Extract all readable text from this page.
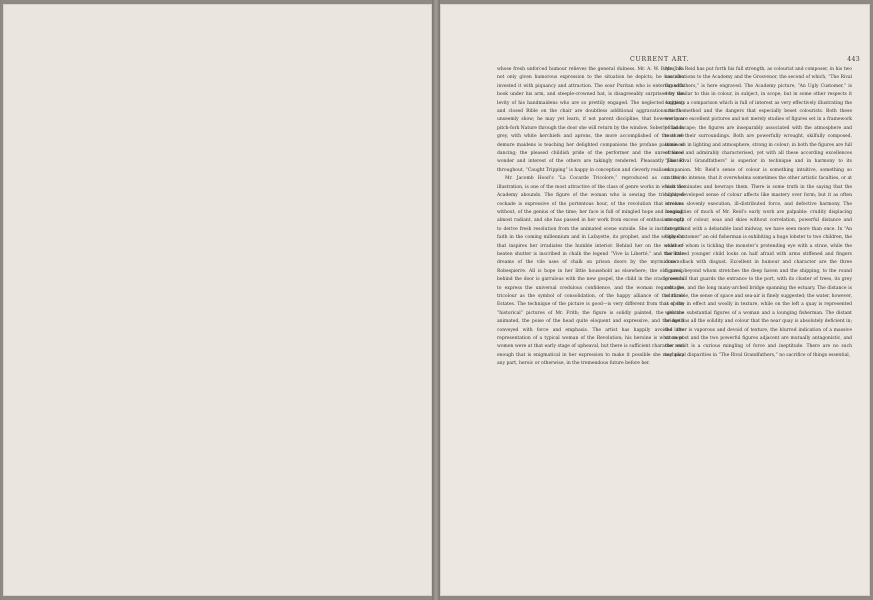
CURRENT ART.	443

whose fresh unforced humour relieves the general dulness. Mr. A. W. Bayes has not only given humorous expression to the situation he depicts; he has also invested it with piquancy and attraction. The sour Puritan who is entering with book under his arm, and steeple-crowned hat, is disagreeably surprised by the levity of his handmaidens who are so prettily engaged. The neglected knitting and closed Bible on the chair are doubtless additional aggravations to the unseemly show; he may yet learn, if not parent discipline, that however you pitch-fork Nature through the door she will return by the window. Soberly clad in grey, with white kerchiefs and aprons, the more accomplished of the three demure maidens is teaching her delighted companions the profane pastime of dancing; the pleased childish pride of the performer and the unrestrained wonder and interest of the others are takingly rendered. Pleasantly painted throughout, “Caught Tripping” is happy in conception and cleverly realised.

Mr. Jacomb Hood’s “La Cocarde Tricolore,” reproduced as our third illustration, is one of the most attractive of the class of genre works in which the Academy abounds. The figure of the woman who is sewing the tricoloured cockade is expressive of the portentous hour, of the revolution that streams without, of the genius of the time; her face is full of mingled hope and longing, almost radiant, and she has passed in her work from excess of enthusiasm only to derive fresh resolution from the animated scene outside. She is instinct with faith in the coming millennium and in Lafayette, its prophet, and the sentiment that inspires her irradiates the humble interior. Behind her on the weather-beaten shutter is inscribed in chalk the legend “Vive la Liberté,” and the little dreams of the vile uses of chalk on prison doors by the myrmidons of Robespierre. All is hope in her little household as elsewhere; the old gossip behind the door is garrulous with the new gospel, the child in the cradle seems to express the universal credulous confidence, and the woman regards the tricolour as the symbol of consolidation, of the happy alliance of the three Estates. The technique of the picture is good—is very different from that of the “historical” pictures of Mr. Frith; the figure is solidly painted, the gesture animated, the poise of the head quite eloquent and expressive, and the motif conveyed with force and emphasis. The artist has happily avoided the representation of a typical woman of the Revolution; his heroine is what most women were at that early stage of upheaval, but there is sufficient character and enough that is enigmatical in her expression to make it possible she may play any part, heroic or otherwise, in the tremendous future before her.

Mr. J. R. Reid has put forth his full strength, as colourist and composer, in his two contributions to the Academy and the Grosvenor, the second of which, “The Rival Grandfathers,” is here engraved. The Academy picture, “An Ugly Customer,” is very similar to this in colour, in subject, in scope; but in some other respects it suggests a comparison which is full of interest as very effectively illustrating the artist’s method and the dangers that especially beset colourists. Both these works are excellent pictures and not merely studies of figures set in a framework of landscape; the figures are inseparably associated with the atmosphere and tone of their surroundings. Both are powerfully wrought, skilfully composed, luminous in lighting and atmosphere, strong in colour; in both the figures are full of force and admirably characterised, yet with all these according excellences “The Rival Grandfathers” is superior in technique and in harmony to its companion. Mr. Reid’s sense of colour is something intuitive, something so native, so intense, that it overwhelms sometimes the other artistic faculties, or at least dominates and bewrays them. There is some truth in the saying that the highly-developed sense of colour affects like mastery over form; but it as often involves slovenly execution, ill-distributed force, and defective harmony. The inequalities of much of Mr. Reid’s early work are palpable: crudity displacing strength of colour, seas and skies without correlation, powerful distance and foreground with a debatable land midway, we have seen more than once. In “An Ugly Customer” an old fisherman is exhibiting a huge lobster to two children, the elder of whom is tickling the monster’s protending eye with a straw, while the fair-haired younger child looks on half afraid with arms stiffened and fingers drawn back with disgust. Excellent in humour and character are the three figures, beyond whom stretches the deep haven and the shipping, to the round green hill that guards the entrance to the port, with its cluster of trees, its grey cottages, and the long many-arched bridge spanning the estuary. The distance is admirable, the sense of space and sea-air is finely suggested; the water, however, is spotty in effect and woolly in texture, while on the left a quay is represented with the substantial figures of a woman and a lounging fisherman. The distant bridge has all the solidity and colour that the near quay is absolutely deficient in; the latter is vaporous and devoid of texture, the blurred indication of a massive stone post and the two powerful figures adjacent are mutually antagonistic, and the result is a curious mingling of force and ineptitude. There are no such technical disparities in “The Rival Grandfathers,” no sacrifice of things essential,
